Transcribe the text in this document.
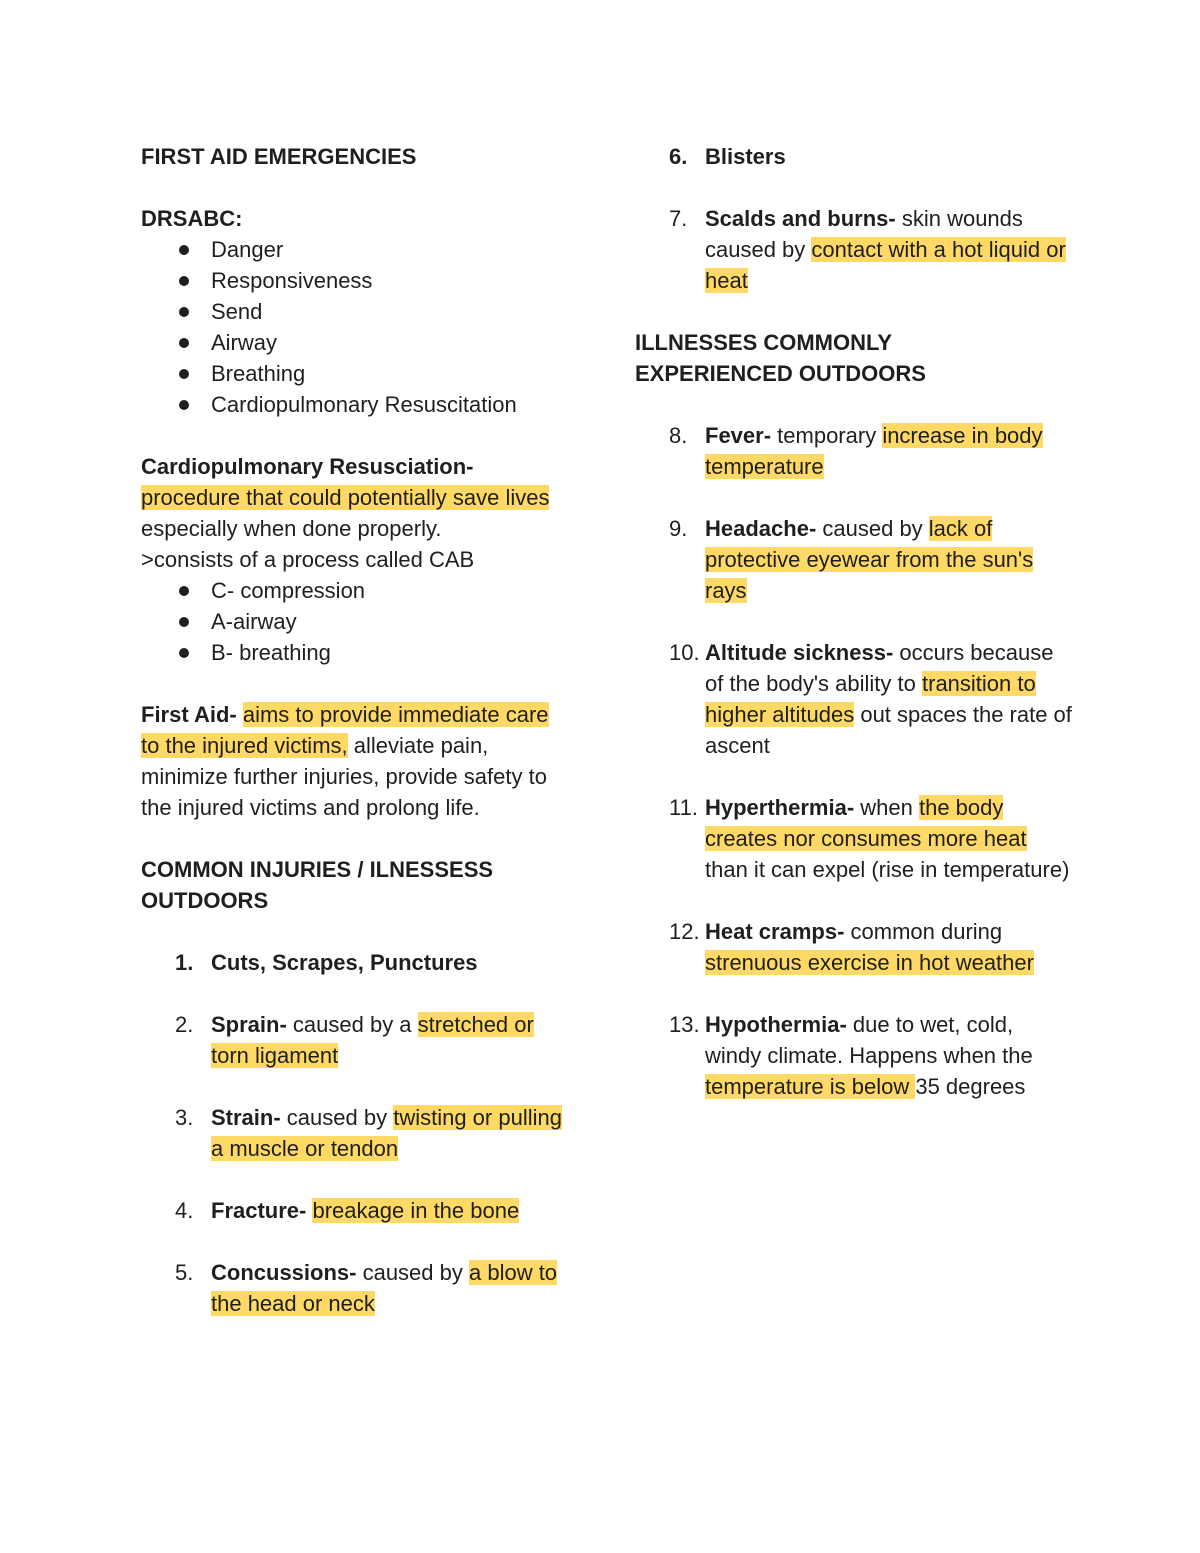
FIRST AID EMERGENCIES

DRSABC:

Danger

Responsiveness

Send

Airway

Breathing

Cardiopulmonary Resuscitation

Cardiopulmonary Resusciation-

procedure that could potentially save lives especially when done properly.

>consists of a process called CAB

C- compression

A-airway

B- breathing

First Aid- aims to provide immediate care to the injured victims, alleviate pain, minimize further injuries, provide safety to the injured victims and prolong life.

COMMON INJURIES / ILNESSESS

OUTDOORS

1. Cuts, Scrapes, Punctures

2. Sprain- caused by a stretched or torn ligament

3. Strain- caused by twisting or pulling a muscle or tendon

4. Fracture- breakage in the bone

5. Concussions- caused by a blow to the head or neck

6. Blisters

7. Scalds and burns- skin wounds caused by contact with a hot liquid or heat

ILLNESSES COMMONLY

EXPERIENCED OUTDOORS

8. Fever- temporary increase in body temperature

9. Headache- caused by lack of protective eyewear from the sun's rays

10. Altitude sickness- occurs because of the body's ability to transition to higher altitudes out spaces the rate of ascent

11. Hyperthermia- when the body creates nor consumes more heat than it can expel (rise in temperature)

12. Heat cramps- common during strenuous exercise in hot weather

13. Hypothermia- due to wet, cold, windy climate. Happens when the temperature is below 35 degrees
